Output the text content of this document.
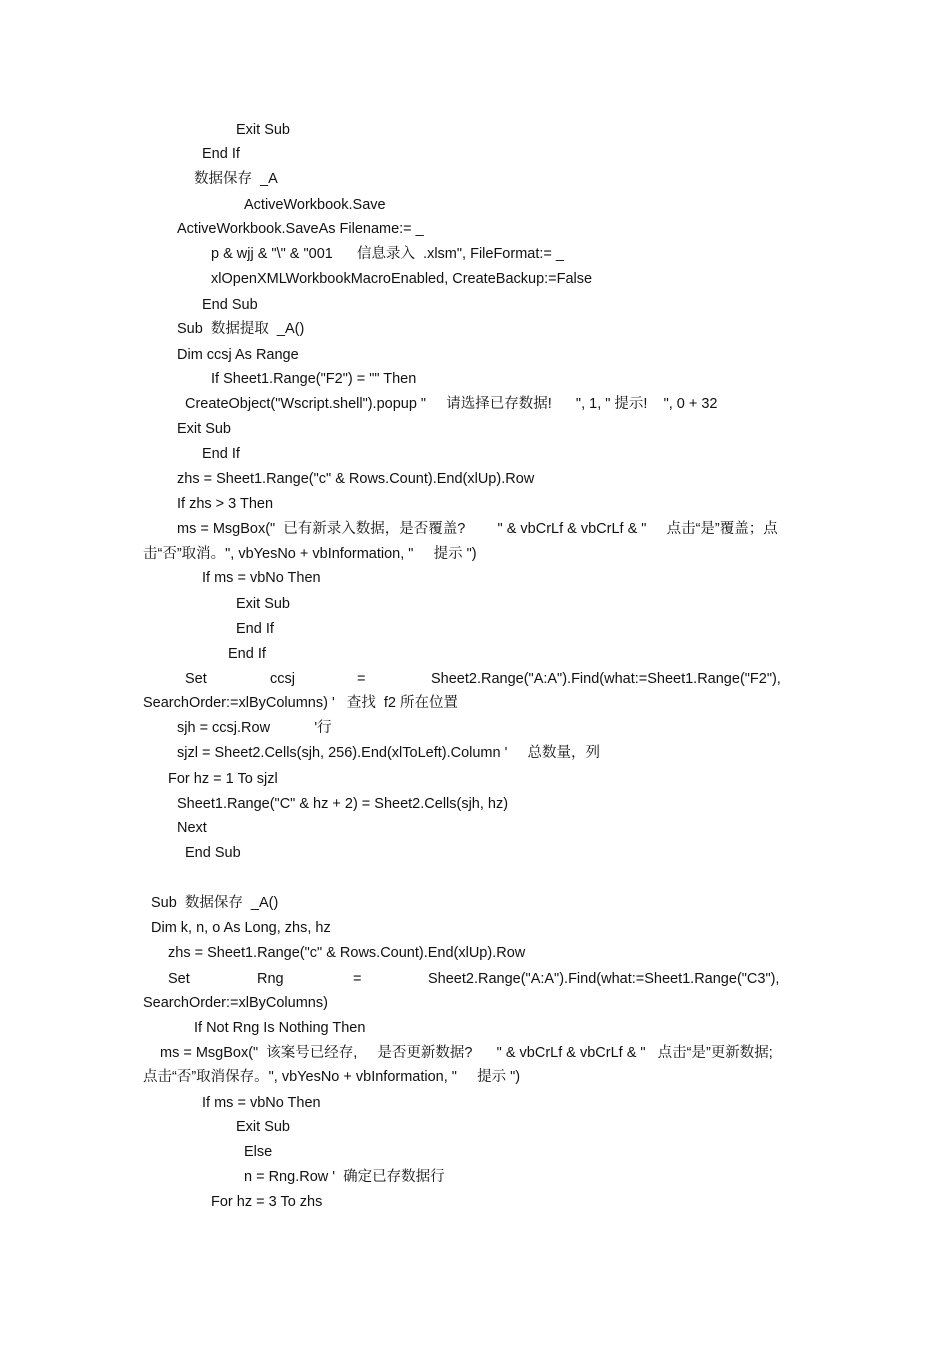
Exit Sub
End If
数据保存  _A
ActiveWorkbook.Save
ActiveWorkbook.SaveAs Filename:= _
p & wjj & "\" & "001      信息录入  .xlsm", FileFormat:= _
xlOpenXMLWorkbookMacroEnabled, CreateBackup:=False
End Sub
Sub  数据提取  _A()
Dim ccsj As Range
If Sheet1.Range("F2") = "" Then
CreateObject("Wscript.shell").popup "     请选择已存数据!      ", 1, " 提示!    ", 0 + 32
Exit Sub
End If
zhs = Sheet1.Range("c" & Rows.Count).End(xlUp).Row
If zhs > 3 Then
ms = MsgBox("  已有新录入数据，是否覆盖?        " & vbCrLf & vbCrLf & "     点击“是”覆盖；点
击“否”取消。", vbYesNo + vbInformation, "     提示 ")
If ms = vbNo Then
Exit Sub
End If
End If
Set	ccsj	=	Sheet2.Range("A:A").Find(what:=Sheet1.Range("F2"),
SearchOrder:=xlByColumns) '   查找  f2 所在位置
sjh = ccsj.Row           '行
sjzl = Sheet2.Cells(sjh, 256).End(xlToLeft).Column '     总数量，列
For hz = 1 To sjzl
Sheet1.Range("C" & hz + 2) = Sheet2.Cells(sjh, hz)
Next
End Sub
Sub  数据保存  _A()
Dim k, n, o As Long, zhs, hz
zhs = Sheet1.Range("c" & Rows.Count).End(xlUp).Row
Set	Rng	=	Sheet2.Range("A:A").Find(what:=Sheet1.Range("C3"),
SearchOrder:=xlByColumns)
If Not Rng Is Nothing Then
ms = MsgBox("  该案号已经存,     是否更新数据?      " & vbCrLf & vbCrLf & "   点击“是”更新数据;
点击“否”取消保存。", vbYesNo + vbInformation, "     提示 ")
If ms = vbNo Then
Exit Sub
Else
n = Rng.Row '  确定已存数据行
For hz = 3 To zhs
